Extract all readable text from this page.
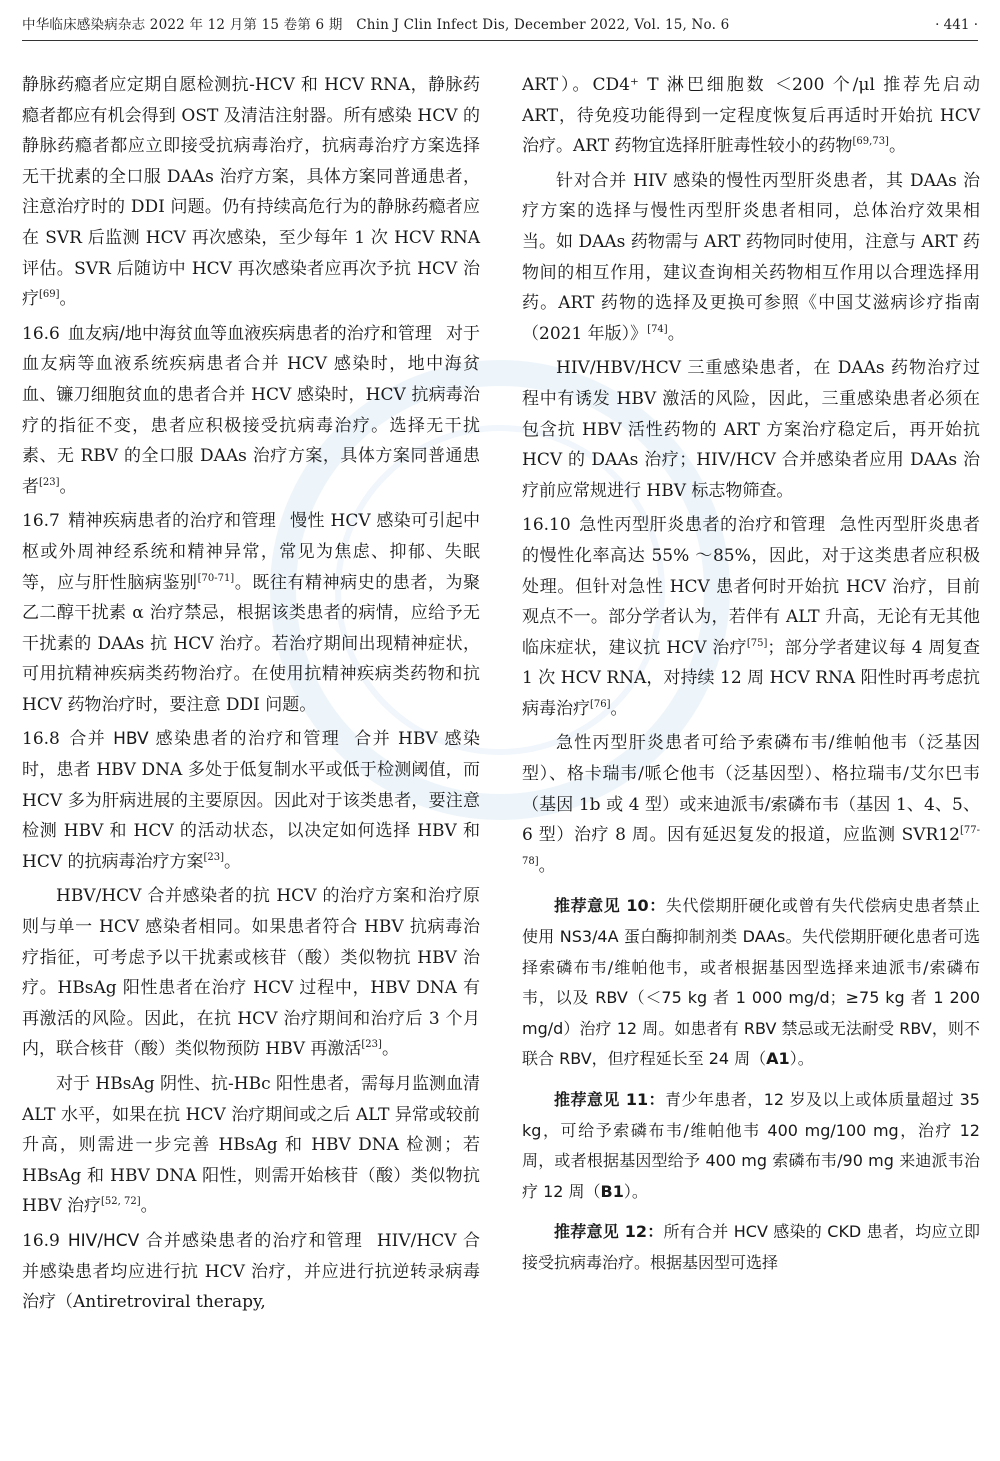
中华临床感染病杂志 2022 年 12 月第 15 卷第 6 期　Chin J Clin Infect Dis, December 2022, Vol. 15, No. 6	· 441 ·

静脉药瘾者应定期自愿检测抗-HCV 和 HCV RNA，静脉药瘾者都应有机会得到 OST 及清洁注射器。所有感染 HCV 的静脉药瘾者都应立即接受抗病毒治疗，抗病毒治疗方案选择无干扰素的全口服 DAAs 治疗方案，具体方案同普通患者，注意治疗时的 DDI 问题。仍有持续高危行为的静脉药瘾者应在 SVR 后监测 HCV 再次感染，至少每年 1 次 HCV RNA 评估。SVR 后随访中 HCV 再次感染者应再次予抗 HCV 治疗[69]。

16.6 血友病/地中海贫血等血液疾病患者的治疗和管理 对于血友病等血液系统疾病患者合并 HCV 感染时，地中海贫血、镰刀细胞贫血的患者合并 HCV 感染时，HCV 抗病毒治疗的指征不变，患者应积极接受抗病毒治疗。选择无干扰素、无 RBV 的全口服 DAAs 治疗方案，具体方案同普通患者[23]。

16.7 精神疾病患者的治疗和管理 慢性 HCV 感染可引起中枢或外周神经系统和精神异常，常见为焦虑、抑郁、失眠等，应与肝性脑病鉴别[70-71]。既往有精神病史的患者，为聚乙二醇干扰素 α 治疗禁忌，根据该类患者的病情，应给予无干扰素的 DAAs 抗 HCV 治疗。若治疗期间出现精神症状，可用抗精神疾病类药物治疗。在使用抗精神疾病类药物和抗 HCV 药物治疗时，要注意 DDI 问题。

16.8 合并 HBV 感染患者的治疗和管理 合并 HBV 感染时，患者 HBV DNA 多处于低复制水平或低于检测阈值，而 HCV 多为肝病进展的主要原因。因此对于该类患者，要注意检测 HBV 和 HCV 的活动状态，以决定如何选择 HBV 和 HCV 的抗病毒治疗方案[23]。

HBV/HCV 合并感染者的抗 HCV 的治疗方案和治疗原则与单一 HCV 感染者相同。如果患者符合 HBV 抗病毒治疗指征，可考虑予以干扰素或核苷（酸）类似物抗 HBV 治疗。HBsAg 阳性患者在治疗 HCV 过程中，HBV DNA 有再激活的风险。因此，在抗 HCV 治疗期间和治疗后 3 个月内，联合核苷（酸）类似物预防 HBV 再激活[23]。

对于 HBsAg 阴性、抗-HBc 阳性患者，需每月监测血清 ALT 水平，如果在抗 HCV 治疗期间或之后 ALT 异常或较前升高，则需进一步完善 HBsAg 和 HBV DNA 检测；若 HBsAg 和 HBV DNA 阳性，则需开始核苷（酸）类似物抗 HBV 治疗[52, 72]。

16.9 HIV/HCV 合并感染患者的治疗和管理 HIV/HCV 合并感染患者均应进行抗 HCV 治疗，并应进行抗逆转录病毒治疗（Antiretroviral therapy,

ART）。CD4⁺ T 淋巴细胞数 ＜200 个/μl 推荐先启动 ART，待免疫功能得到一定程度恢复后再适时开始抗 HCV 治疗。ART 药物宜选择肝脏毒性较小的药物[69,73]。

针对合并 HIV 感染的慢性丙型肝炎患者，其 DAAs 治疗方案的选择与慢性丙型肝炎患者相同，总体治疗效果相当。如 DAAs 药物需与 ART 药物同时使用，注意与 ART 药物间的相互作用，建议查询相关药物相互作用以合理选择用药。ART 药物的选择及更换可参照《中国艾滋病诊疗指南（2021 年版）》[74]。

HIV/HBV/HCV 三重感染患者，在 DAAs 药物治疗过程中有诱发 HBV 激活的风险，因此，三重感染患者必须在包含抗 HBV 活性药物的 ART 方案治疗稳定后，再开始抗 HCV 的 DAAs 治疗；HIV/HCV 合并感染者应用 DAAs 治疗前应常规进行 HBV 标志物筛查。

16.10 急性丙型肝炎患者的治疗和管理 急性丙型肝炎患者的慢性化率高达 55% ～85%，因此，对于这类患者应积极处理。但针对急性 HCV 患者何时开始抗 HCV 治疗，目前观点不一。部分学者认为，若伴有 ALT 升高，无论有无其他临床症状，建议抗 HCV 治疗[75]；部分学者建议每 4 周复查 1 次 HCV RNA，对持续 12 周 HCV RNA 阳性时再考虑抗病毒治疗[76]。

急性丙型肝炎患者可给予索磷布韦/维帕他韦（泛基因型）、格卡瑞韦/哌仑他韦（泛基因型）、格拉瑞韦/艾尔巴韦（基因 1b 或 4 型）或来迪派韦/索磷布韦（基因 1、4、5、6 型）治疗 8 周。因有延迟复发的报道，应监测 SVR12[77-78]。

推荐意见 10：失代偿期肝硬化或曾有失代偿病史患者禁止使用 NS3/4A 蛋白酶抑制剂类 DAAs。失代偿期肝硬化患者可选择索磷布韦/维帕他韦，或者根据基因型选择来迪派韦/索磷布韦，以及 RBV（＜75 kg 者 1 000 mg/d；≥75 kg 者 1 200 mg/d）治疗 12 周。如患者有 RBV 禁忌或无法耐受 RBV，则不联合 RBV，但疗程延长至 24 周（A1）。

推荐意见 11：青少年患者，12 岁及以上或体质量超过 35 kg，可给予索磷布韦/维帕他韦 400 mg/100 mg，治疗 12 周，或者根据基因型给予 400 mg 索磷布韦/90 mg 来迪派韦治疗 12 周（B1）。

推荐意见 12：所有合并 HCV 感染的 CKD 患者，均应立即接受抗病毒治疗。根据基因型可选择
